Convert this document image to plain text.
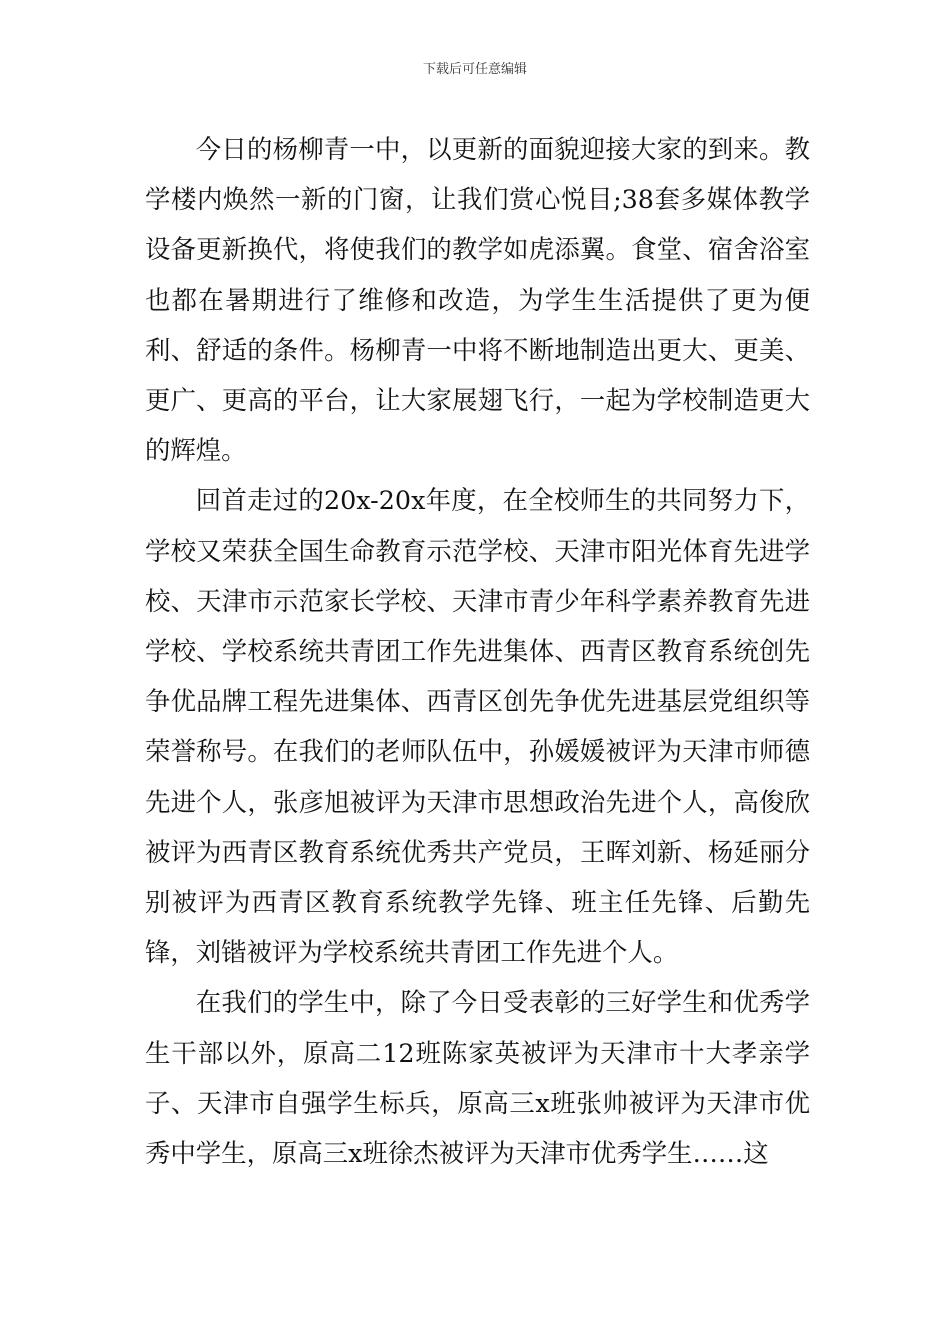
下载后可任意编辑

今日的杨柳青一中，以更新的面貌迎接大家的到来。教学楼内焕然一新的门窗，让我们赏心悦目;38套多媒体教学设备更新换代，将使我们的教学如虎添翼。食堂、宿舍浴室也都在暑期进行了维修和改造，为学生生活提供了更为便利、舒适的条件。杨柳青一中将不断地制造出更大、更美、更广、更高的平台，让大家展翅飞行，一起为学校制造更大的辉煌。

回首走过的20x-20x年度，在全校师生的共同努力下，学校又荣获全国生命教育示范学校、天津市阳光体育先进学校、天津市示范家长学校、天津市青少年科学素养教育先进学校、学校系统共青团工作先进集体、西青区教育系统创先争优品牌工程先进集体、西青区创先争优先进基层党组织等荣誉称号。在我们的老师队伍中，孙媛媛被评为天津市师德先进个人，张彦旭被评为天津市思想政治先进个人，高俊欣被评为西青区教育系统优秀共产党员，王晖刘新、杨延丽分别被评为西青区教育系统教学先锋、班主任先锋、后勤先锋，刘锴被评为学校系统共青团工作先进个人。

在我们的学生中，除了今日受表彰的三好学生和优秀学生干部以外，原高二12班陈家英被评为天津市十大孝亲学子、天津市自强学生标兵，原高三x班张帅被评为天津市优秀中学生，原高三x班徐杰被评为天津市优秀学生……这
